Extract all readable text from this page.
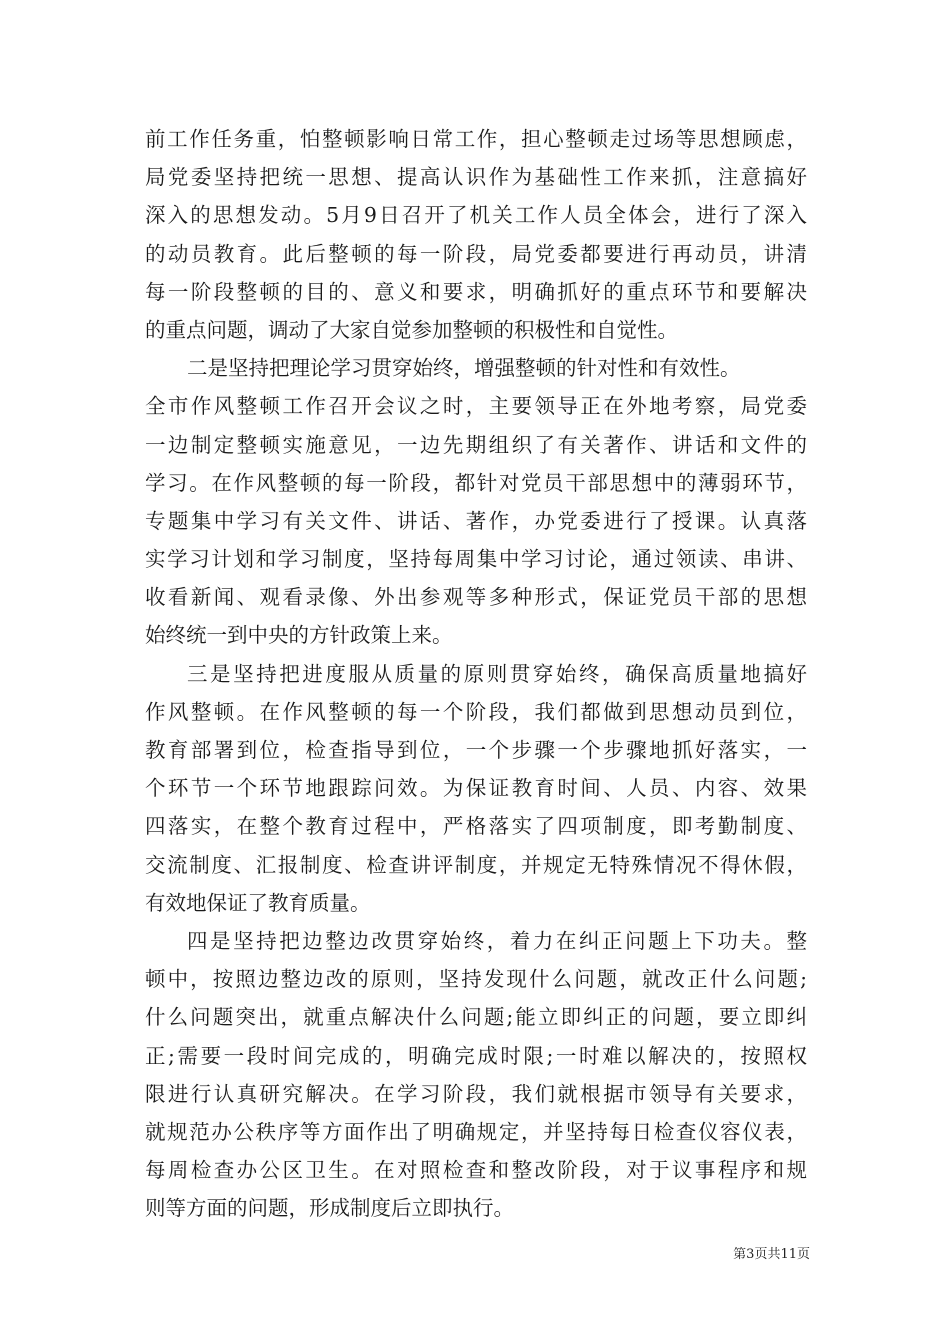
前工作任务重，怕整顿影响日常工作，担心整顿走过场等思想顾虑，
局党委坚持把统一思想、提高认识作为基础性工作来抓，注意搞好
深入的思想发动。5月9日召开了机关工作人员全体会，进行了深入
的动员教育。此后整顿的每一阶段，局党委都要进行再动员，讲清
每一阶段整顿的目的、意义和要求，明确抓好的重点环节和要解决
的重点问题，调动了大家自觉参加整顿的积极性和自觉性。
二是坚持把理论学习贯穿始终，增强整顿的针对性和有效性。
全市作风整顿工作召开会议之时，主要领导正在外地考察，局党委
一边制定整顿实施意见，一边先期组织了有关著作、讲话和文件的
学习。在作风整顿的每一阶段，都针对党员干部思想中的薄弱环节，
专题集中学习有关文件、讲话、著作，办党委进行了授课。认真落
实学习计划和学习制度，坚持每周集中学习讨论，通过领读、串讲、
收看新闻、观看录像、外出参观等多种形式，保证党员干部的思想
始终统一到中央的方针政策上来。
三是坚持把进度服从质量的原则贯穿始终，确保高质量地搞好
作风整顿。在作风整顿的每一个阶段，我们都做到思想动员到位，
教育部署到位，检查指导到位，一个步骤一个步骤地抓好落实，一
个环节一个环节地跟踪问效。为保证教育时间、人员、内容、效果
四落实，在整个教育过程中，严格落实了四项制度，即考勤制度、
交流制度、汇报制度、检查讲评制度，并规定无特殊情况不得休假，
有效地保证了教育质量。
四是坚持把边整边改贯穿始终，着力在纠正问题上下功夫。整
顿中，按照边整边改的原则，坚持发现什么问题，就改正什么问题;
什么问题突出，就重点解决什么问题;能立即纠正的问题，要立即纠
正;需要一段时间完成的，明确完成时限;一时难以解决的，按照权
限进行认真研究解决。在学习阶段，我们就根据市领导有关要求，
就规范办公秩序等方面作出了明确规定，并坚持每日检查仪容仪表，
每周检查办公区卫生。在对照检查和整改阶段，对于议事程序和规
则等方面的问题，形成制度后立即执行。
第3页共11页
